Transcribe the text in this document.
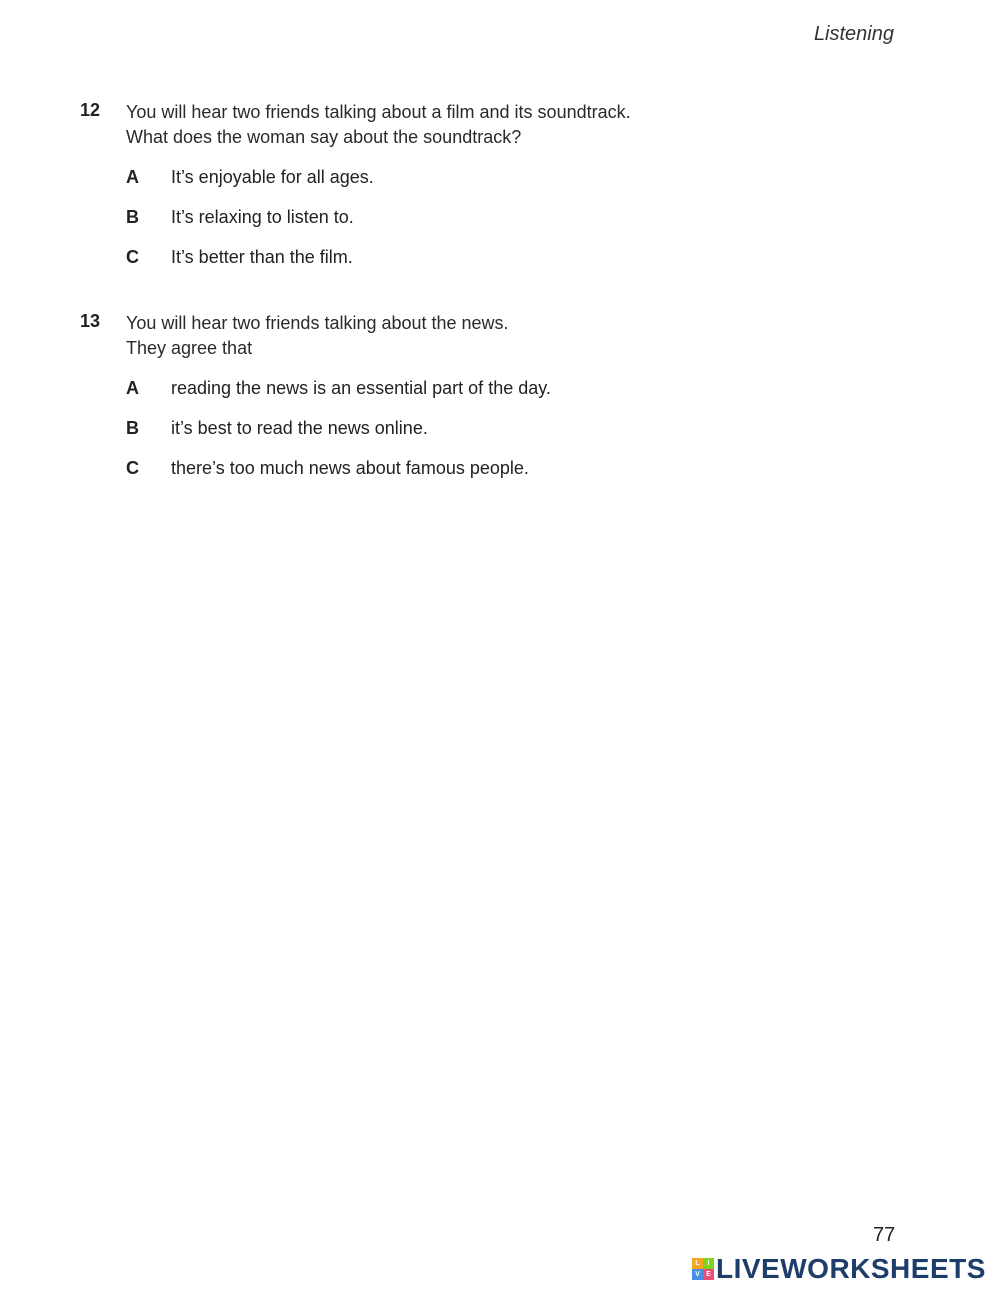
Listening
12 You will hear two friends talking about a film and its soundtrack.
What does the woman say about the soundtrack?
A It’s enjoyable for all ages.
B It’s relaxing to listen to.
C It’s better than the film.
13 You will hear two friends talking about the news.
They agree that
A reading the news is an essential part of the day.
B it’s best to read the news online.
C there’s too much news about famous people.
77
L	I
V E LIVEWORKSHEETS
